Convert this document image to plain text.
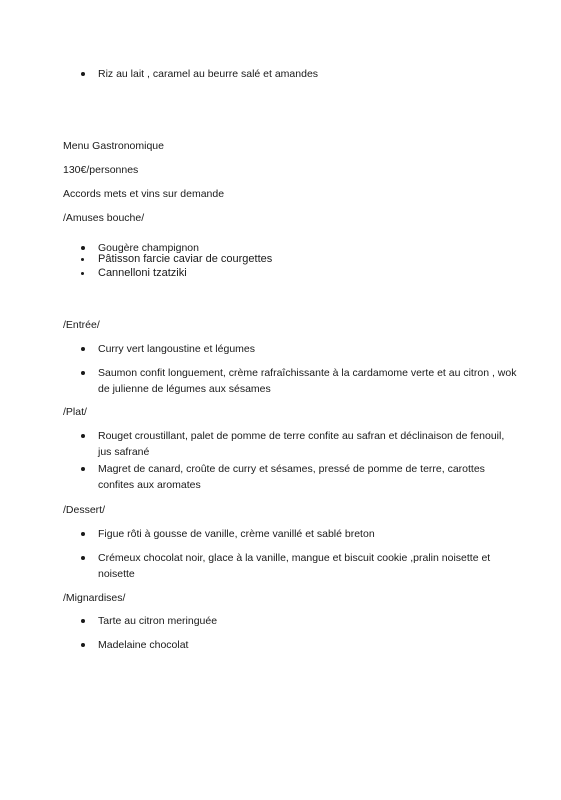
Riz au lait , caramel au beurre salé et amandes
Menu Gastronomique
130€/personnes
Accords mets et vins sur demande
/Amuses bouche/
Gougère champignon
Pâtisson farcie caviar de courgettes
Cannelloni tzatziki
/Entrée/
Curry vert langoustine et légumes
Saumon confit longuement, crème rafraîchissante à la cardamome verte et au citron , wok de julienne de légumes aux sésames
/Plat/
Rouget croustillant, palet de pomme de terre confite au safran et déclinaison de fenouil, jus safrané
Magret de canard, croûte de curry et sésames, pressé de pomme de terre, carottes confites aux aromates
/Dessert/
Figue rôti à gousse de vanille, crème vanillé et sablé breton
Crémeux chocolat noir, glace à la vanille, mangue et biscuit cookie ,pralin noisette et noisette
/Mignardises/
Tarte au citron meringuée
Madelaine chocolat
